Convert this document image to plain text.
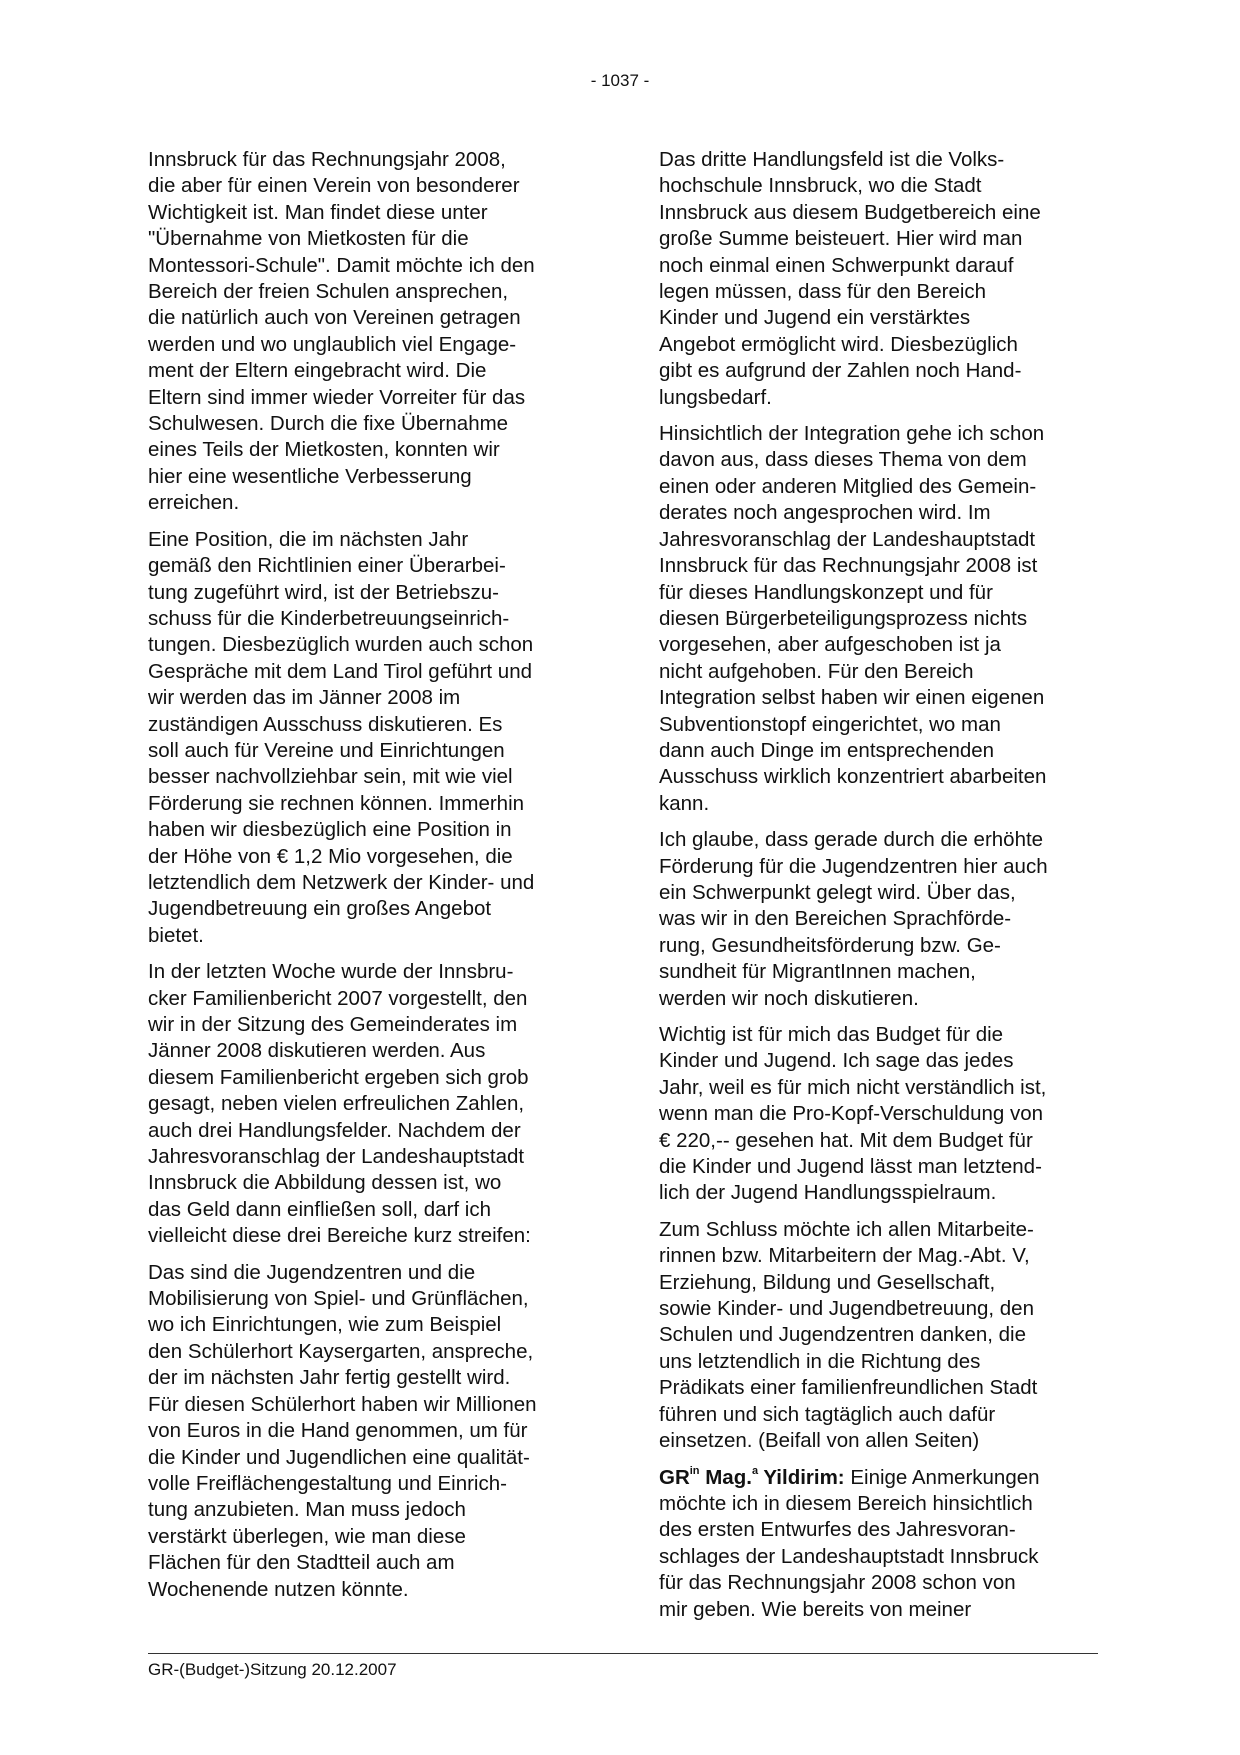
- 1037 -
Innsbruck für das Rechnungsjahr 2008,
die aber für einen Verein von besonderer
Wichtigkeit ist. Man findet diese unter
"Übernahme von Mietkosten für die
Montessori-Schule". Damit möchte ich den
Bereich der freien Schulen ansprechen,
die natürlich auch von Vereinen getragen
werden und wo unglaublich viel Engage-
ment der Eltern eingebracht wird. Die
Eltern sind immer wieder Vorreiter für das
Schulwesen. Durch die fixe Übernahme
eines Teils der Mietkosten, konnten wir
hier eine wesentliche Verbesserung
erreichen.
Eine Position, die im nächsten Jahr
gemäß den Richtlinien einer Überarbei-
tung zugeführt wird, ist der Betriebszu-
schuss für die Kinderbetreuungseinrich-
tungen. Diesbezüglich wurden auch schon
Gespräche mit dem Land Tirol geführt und
wir werden das im Jänner 2008 im
zuständigen Ausschuss diskutieren. Es
soll auch für Vereine und Einrichtungen
besser nachvollziehbar sein, mit wie viel
Förderung sie rechnen können. Immerhin
haben wir diesbezüglich eine Position in
der Höhe von € 1,2 Mio vorgesehen, die
letztendlich dem Netzwerk der Kinder- und
Jugendbetreuung ein großes Angebot
bietet.
In der letzten Woche wurde der Innsbru-
cker Familienbericht 2007 vorgestellt, den
wir in der Sitzung des Gemeinderates im
Jänner 2008 diskutieren werden. Aus
diesem Familienbericht ergeben sich grob
gesagt, neben vielen erfreulichen Zahlen,
auch drei Handlungsfelder. Nachdem der
Jahresvoranschlag der Landeshauptstadt
Innsbruck die Abbildung dessen ist, wo
das Geld dann einfließen soll, darf ich
vielleicht diese drei Bereiche kurz streifen:
Das sind die Jugendzentren und die
Mobilisierung von Spiel- und Grünflächen,
wo ich Einrichtungen, wie zum Beispiel
den Schülerhort Kaysergarten, anspreche,
der im nächsten Jahr fertig gestellt wird.
Für diesen Schülerhort haben wir Millionen
von Euros in die Hand genommen, um für
die Kinder und Jugendlichen eine qualität-
volle Freiflächengestaltung und Einrich-
tung anzubieten. Man muss jedoch
verstärkt überlegen, wie man diese
Flächen für den Stadtteil auch am
Wochenende nutzen könnte.
Das dritte Handlungsfeld ist die Volks-
hochschule Innsbruck, wo die Stadt
Innsbruck aus diesem Budgetbereich eine
große Summe beisteuert. Hier wird man
noch einmal einen Schwerpunkt darauf
legen müssen, dass für den Bereich
Kinder und Jugend ein verstärktes
Angebot ermöglicht wird. Diesbezüglich
gibt es aufgrund der Zahlen noch Hand-
lungsbedarf.
Hinsichtlich der Integration gehe ich schon
davon aus, dass dieses Thema von dem
einen oder anderen Mitglied des Gemein-
derates noch angesprochen wird. Im
Jahresvoranschlag der Landeshauptstadt
Innsbruck für das Rechnungsjahr 2008 ist
für dieses Handlungskonzept und für
diesen Bürgerbeteiligungsprozess nichts
vorgesehen, aber aufgeschoben ist ja
nicht aufgehoben. Für den Bereich
Integration selbst haben wir einen eigenen
Subventionstopf eingerichtet, wo man
dann auch Dinge im entsprechenden
Ausschuss wirklich konzentriert abarbeiten
kann.
Ich glaube, dass gerade durch die erhöhte
Förderung für die Jugendzentren hier auch
ein Schwerpunkt gelegt wird. Über das,
was wir in den Bereichen Sprachförde-
rung, Gesundheitsförderung bzw. Ge-
sundheit für MigrantInnen machen,
werden wir noch diskutieren.
Wichtig ist für mich das Budget für die
Kinder und Jugend. Ich sage das jedes
Jahr, weil es für mich nicht verständlich ist,
wenn man die Pro-Kopf-Verschuldung von
€ 220,-- gesehen hat. Mit dem Budget für
die Kinder und Jugend lässt man letztend-
lich der Jugend Handlungsspielraum.
Zum Schluss möchte ich allen Mitarbeite-
rinnen bzw. Mitarbeitern der Mag.-Abt. V,
Erziehung, Bildung und Gesellschaft,
sowie Kinder- und Jugendbetreuung, den
Schulen und Jugendzentren danken, die
uns letztendlich in die Richtung des
Prädikats einer familienfreundlichen Stadt
führen und sich tagtäglich auch dafür
einsetzen. (Beifall von allen Seiten)
$GR^{in}$ Mag.$^a$ Yildirim: Einige Anmerkungen
möchte ich in diesem Bereich hinsichtlich
des ersten Entwurfes des Jahresvoran-
schlages der Landeshauptstadt Innsbruck
für das Rechnungsjahr 2008 schon von
mir geben. Wie bereits von meiner
GR-(Budget-)Sitzung 20.12.2007
